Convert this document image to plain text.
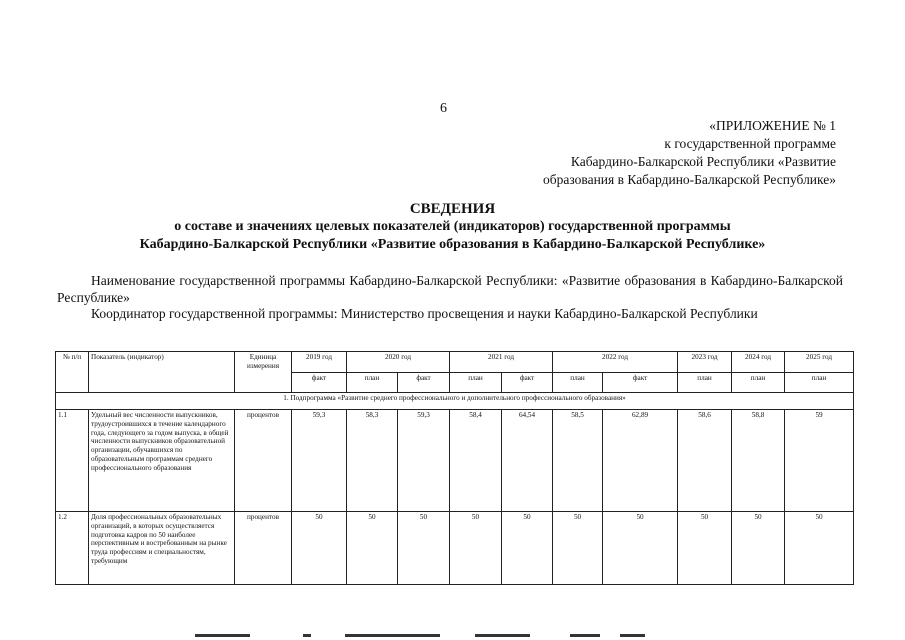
6
«ПРИЛОЖЕНИЕ № 1
к государственной программе
Кабардино-Балкарской Республики «Развитие
образования в Кабардино-Балкарской Республике»
СВЕДЕНИЯ
о составе и значениях целевых показателей (индикаторов) государственной программы
Кабардино-Балкарской Республики «Развитие образования в Кабардино-Балкарской Республике»
Наименование государственной программы Кабардино-Балкарской Республики: «Развитие образования в Кабардино-Балкарской Республике»
Координатор государственной программы: Министерство просвещения и науки Кабардино-Балкарской Республики
№ п/п	Показатель (индикатор)	Единица измерения	2019 год	2020 год		2021 год		2022 год		2023 год	2024 год	2025 год
			факт	план	факт	план	факт	план	факт	план	план	план
1. Подпрограмма «Развитие среднего профессионального и дополнительного профессионального образования»												
1.1	Удельный вес численности выпускников, трудоустроившихся в течение календарного года, следующего за годом выпуска, в общей численности выпускников образовательной организации, обучавшихся по образовательным программам среднего профессионального образования	процентов	59,3	58,3	59,3	58,4	64,54	58,5	62,89	58,6	58,8	59
1.2	Доля профессиональных образовательных организаций, в которых осуществляется подготовка кадров по 50 наиболее перспективным и востребованным на рынке труда профессиям и специальностям, требующим	процентов	50	50	50	50	50	50	50	50	50	50
